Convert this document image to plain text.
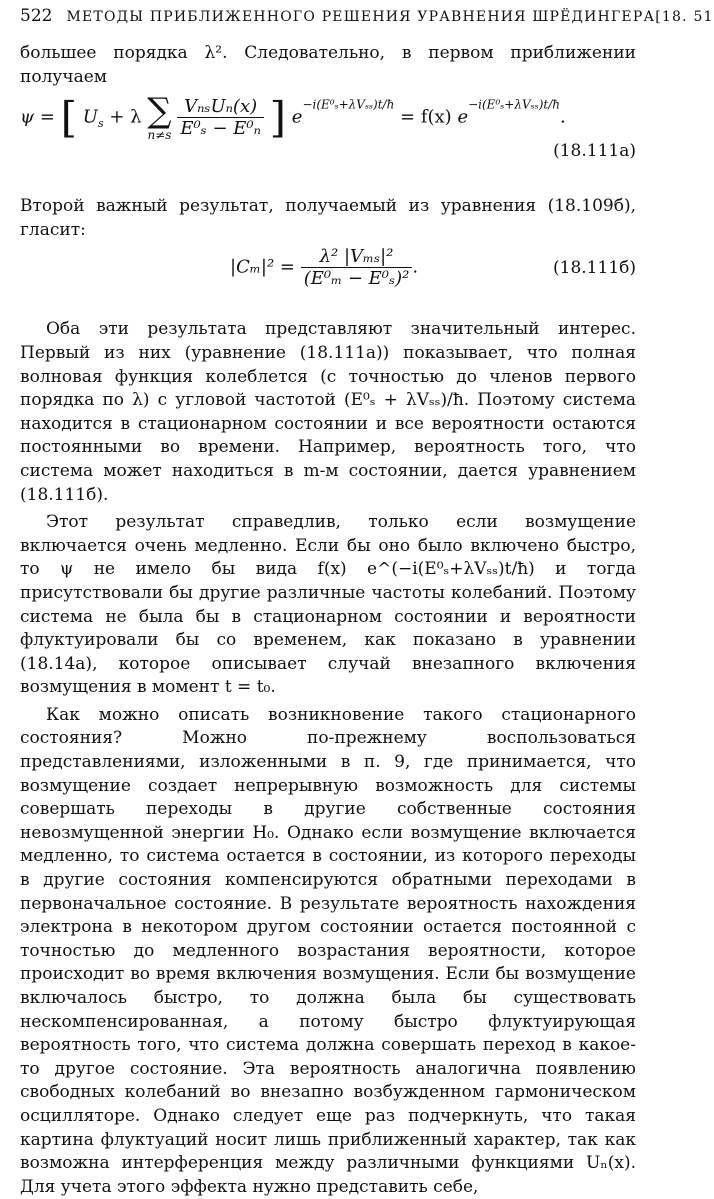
522 МЕТОДЫ ПРИБЛИЖЕННОГО РЕШЕНИЯ УРАВНЕНИЯ ШРЁДИНГЕРА [18. 51

большее порядка λ². Следовательно, в первом приближении получаем

ψ = [ $U_s + \lambda$ ∑
n≠s
$\frac{\text{VₙₛUₙ(x)}}{\text{E⁰ₛ − E⁰ₙ}}$ ] $e^{-i(E^0_s+\lambda V_{ss})t/ħ} = f(x)$ $e^{-i(E^0_s+\lambda V_{ss})t/ħ}$.
(18.111а)

Второй важный результат, получаемый из уравнения (18.109б), гласит:

$|C_m|^2 = \frac{\text{λ² |Vₘₛ|²}}{\text{(E⁰ₘ − E⁰ₛ)²}}$ .	(18.111б)

Оба эти результата представляют значительный интерес. Первый из них (уравнение (18.111а)) показывает, что полная волновая функция колеблется (с точностью до членов первого порядка по λ) с угловой частотой (E⁰ₛ + λVₛₛ)/ħ. Поэтому система находится в стационарном состоянии и все вероятности остаются постоянными во времени. Например, вероятность того, что система может находиться в m-м состоянии, дается уравнением (18.111б).

Этот результат справедлив, только если возмущение включается очень медленно. Если бы оно было включено быстро, то ψ не имело бы вида f(x) e^(−i(E⁰ₛ+λVₛₛ)t/ħ) и тогда присутствовали бы другие различные частоты колебаний. Поэтому система не была бы в стационарном состоянии и вероятности флуктуировали бы со временем, как показано в уравнении (18.14а), которое описывает случай внезапного включения возмущения в момент t = t₀.

Как можно описать возникновение такого стационарного состояния? Можно по-прежнему воспользоваться представлениями, изложенными в п. 9, где принимается, что возмущение создает непрерывную возможность для системы совершать переходы в другие собственные состояния невозмущенной энергии H₀. Однако если возмущение включается медленно, то система остается в состоянии, из которого переходы в другие состояния компенсируются обратными переходами в первоначальное состояние. В результате вероятность нахождения электрона в некотором другом состоянии остается постоянной с точностью до медленного возрастания вероятности, которое происходит во время включения возмущения. Если бы возмущение включалось быстро, то должна была бы существовать нескомпенсированная, а потому быстро флуктуирующая вероятность того, что система должна совершать переход в какое-то другое состояние. Эта вероятность аналогична появлению свободных колебаний во внезапно возбужденном гармоническом осцилляторе. Однако следует еще раз подчеркнуть, что такая картина флуктуаций носит лишь приближенный характер, так как возможна интерференция между различными функциями Uₙ(x). Для учета этого эффекта нужно представить себе,
